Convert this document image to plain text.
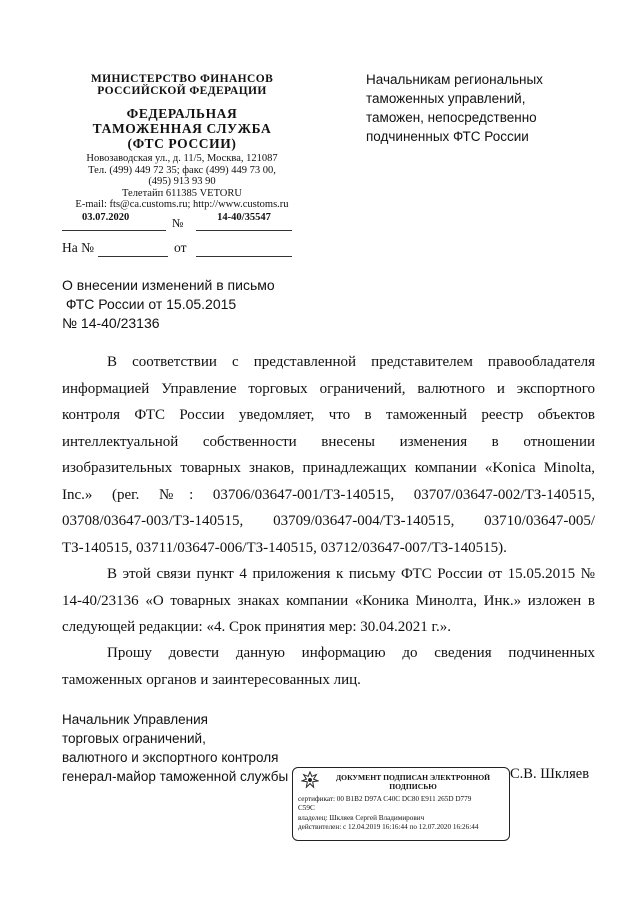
МИНИСТЕРСТВО ФИНАНСОВ
РОССИЙСКОЙ ФЕДЕРАЦИИ
ФЕДЕРАЛЬНАЯ
ТАМОЖЕННАЯ СЛУЖБА
(ФТС РОССИИ)
Новозаводская ул., д. 11/5, Москва, 121087
Тел. (499) 449 72 35; факс (499) 449 73 00,
(495) 913 93 90
Телетайп 611385 VETORU
E-mail: fts@ca.customs.ru; http://www.customs.ru
03.07.2020	№	14-40/35547
На №	от
Начальникам региональных
таможенных управлений,
таможен, непосредственно
подчиненных ФТС России
О внесении изменений в письмо
ФТС России от 15.05.2015
№ 14-40/23136

В соответствии с представленной представителем правообладателя информацией Управление торговых ограничений, валютного и экспортного контроля ФТС России уведомляет, что в таможенный реестр объектов интеллектуальной собственности внесены изменения в отношении изобразительных товарных знаков, принадлежащих компании «Konica Minolta, Inc.» (рег. №: 03706/03647-001/ТЗ-140515, 03707/03647-002/ТЗ-140515, 03708/03647-003/ТЗ-140515, 03709/03647-004/ТЗ-140515, 03710/03647-005/ ТЗ-140515, 03711/03647-006/ТЗ-140515, 03712/03647-007/ТЗ-140515).

В этой связи пункт 4 приложения к письму ФТС России от 15.05.2015 № 14-40/23136 «О товарных знаках компании «Коника Минолта, Инк.» изложен в следующей редакции: «4. Срок принятия мер: 30.04.2021 г.».

Прошу довести данную информацию до сведения подчиненных таможенных органов и заинтересованных лиц.

Начальник Управления
торговых ограничений,
валютного и экспортного контроля
генерал-майор таможенной службы	С.В. Шкляев
ДОКУМЕНТ ПОДПИСАН ЭЛЕКТРОННОЙ
ПОДПИСЬЮ
сертификат: 00 B1B2 D97A C40C DC80 E911 265D D779
C59C
владелец: Шкляев Сергей Владимирович
действителен: с 12.04.2019 16:16:44 по 12.07.2020 16:26:44
